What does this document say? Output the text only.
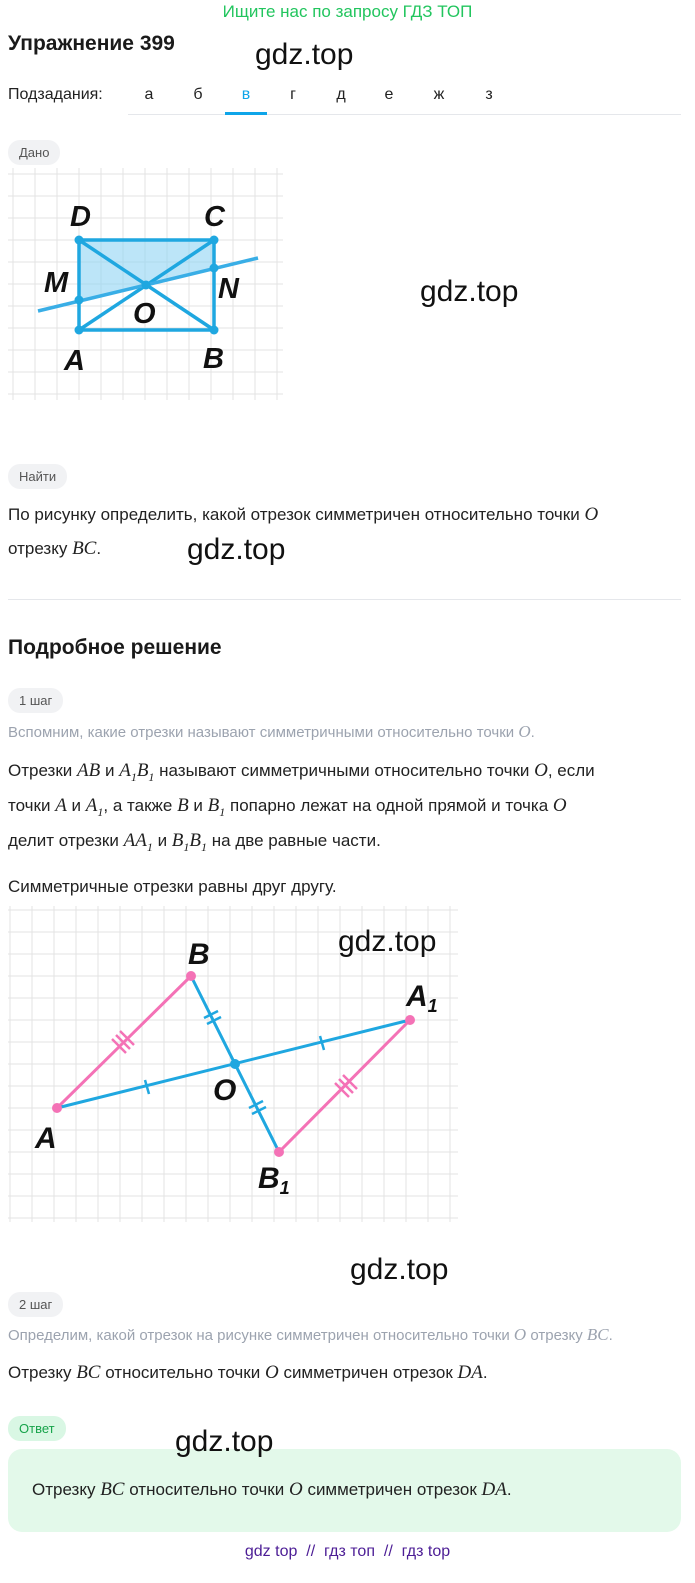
Ищите нас по запросу ГДЗ ТОП
Упражнение 399	gdz.top
Подзадания:	а	б	в	г	д	е	ж	з
Дано
D	C
M	N
O
A	B
gdz.top
Найти
По рисунку определить, какой отрезок симметричен относительно точки O
отрезку BC.	gdz.top
Подробное решение
1 шаг
Вспомним, какие отрезки называют симметричными относительно точки O.
Отрезки AB и $A_1B_1$ называют симметричными относительно точки O, если
точки A и $A_1$, а также B и $B_1$ попарно лежат на одной прямой и точка O
делит отрезки $AA_1$ и $B_1B_1$ на две равные части.
Симметричные отрезки равны друг другу.
B
$A_1$
O
A
$B_1$
gdz.top
gdz.top
2 шаг
Определим, какой отрезок на рисунке симметричен относительно точки O отрезку BC.
Отрезку BC относительно точки O симметричен отрезок DA.
Ответ	gdz.top
Отрезку BC относительно точки O симметричен отрезок DA.
gdz top  //  гдз топ  //  гдз top
